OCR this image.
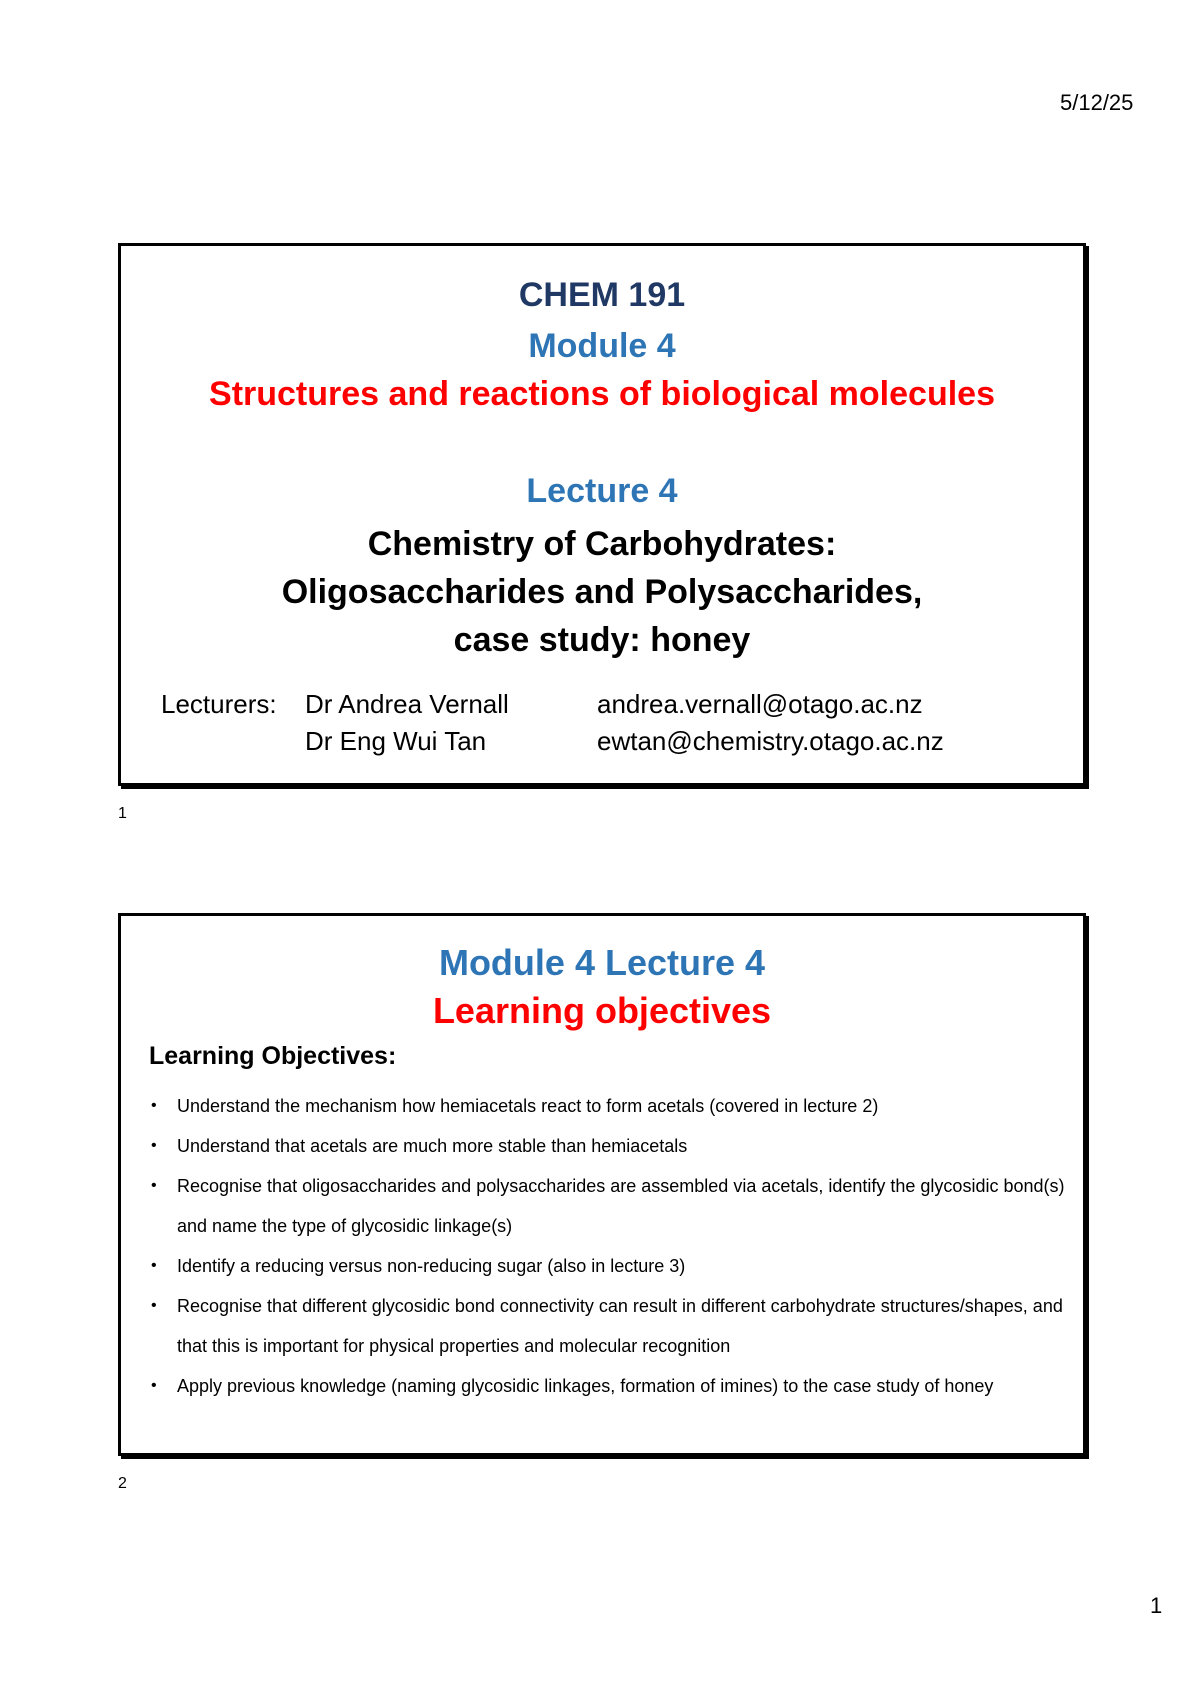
5/12/25
CHEM 191
Module 4
Structures and reactions of biological molecules
Lecture 4
Chemistry of Carbohydrates:
Oligosaccharides and Polysaccharides,
case study: honey
Lecturers: Dr Andrea Vernall	andrea.vernall@otago.ac.nz
Dr Eng Wui Tan	ewtan@chemistry.otago.ac.nz
1
Module 4 Lecture 4
Learning objectives
Learning Objectives:
• Understand the mechanism how hemiacetals react to form acetals (covered in lecture 2)
• Understand that acetals are much more stable than hemiacetals
• Recognise that oligosaccharides and polysaccharides are assembled via acetals, identify the glycosidic bond(s) and name the type of glycosidic linkage(s)
• Identify a reducing versus non-reducing sugar (also in lecture 3)
• Recognise that different glycosidic bond connectivity can result in different carbohydrate structures/shapes, and that this is important for physical properties and molecular recognition
• Apply previous knowledge (naming glycosidic linkages, formation of imines) to the case study of honey
2
1
